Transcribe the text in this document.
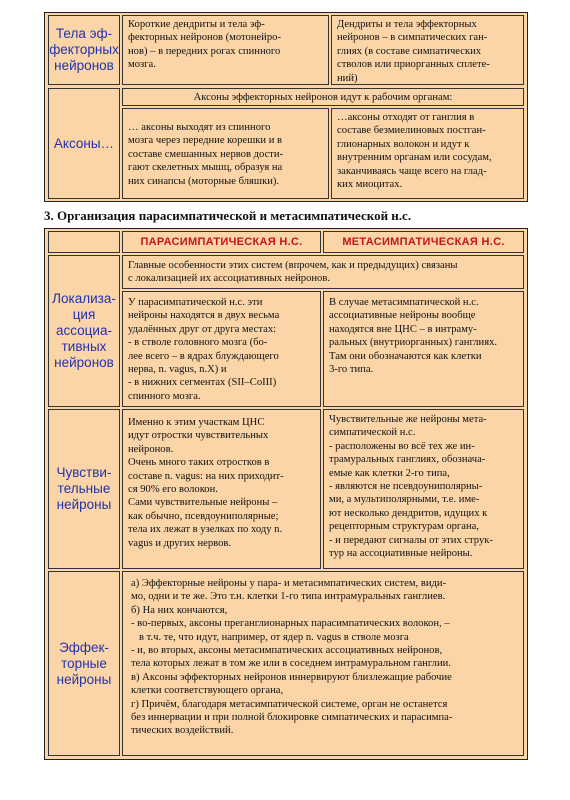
Тела эф-фекторных нейронов
Короткие дендриты и тела эф-
фекторных нейронов (мотонейро-
нов) – в передних рогах спинного
мозга.
Дендриты и тела эффекторных
нейронов – в симпатических ган-
глиях (в составе симпатических
стволов или приорганных сплете-
ний)
Аксоны…
Аксоны эффекторных нейронов идут к рабочим органам:
… аксоны выходят из спинного
мозга через передние корешки и в
составе смешанных нервов дости-
гают скелетных мышц, образуя на
них синапсы (моторные бляшки).
…аксоны отходят от ганглия в
составе безмиелиновых постган-
глионарных волокон и идут к
внутренним органам или сосудам,
заканчиваясь чаще всего на глад-
ких миоцитах.
3. Организация парасимпатической и метасимпатической н.с.
ПАРАСИМПАТИЧЕСКАЯ Н.С.	МЕТАСИМПАТИЧЕСКАЯ Н.С.
Локализа-ция ассоциа-тивных нейронов
Главные особенности этих систем (впрочем, как и предыдущих) связаны
с локализацией их ассоциативных нейронов.
У парасимпатической н.с. эти
нейроны находятся в двух весьма
удалённых друг от друга местах:
- в стволе головного мозга (бо-
лее всего – в ядрах блуждающего
нерва, n. vagus, n.X) и
- в нижних сегментах (SII–CoIII)
спинного мозга.
В случае метасимпатической н.с.
ассоциативные нейроны вообще
находятся вне ЦНС – в интраму-
ральных (внутриорганных) ганглиях.
Там они обозначаются как клетки
3-го типа.
Чувстви-тельные нейроны
Именно к этим участкам ЦНС
идут отростки чувствительных
нейронов.
Очень много таких отростков в
составе n. vagus: на них приходит-
ся 90% его волокон.
Сами чувствительные нейроны –
как обычно, псевдоуниполярные;
тела их лежат в узелках по ходу n.
vagus и других нервов.
Чувствительные же нейроны мета-
симпатической н.с.
- расположены во всё тех же ин-
трамуральных ганглиях, обознача-
емые как клетки 2-го типа,
- являются не псевдоуниполярны-
ми, а мультиполярными, т.е. име-
ют несколько дендритов, идущих к
рецепторным структурам органа,
- и передают сигналы от этих струк-
тур на ассоциативные нейроны.
Эффек-торные нейроны
а) Эффекторные нейроны у пара- и метасимпатических систем, види-
мо, одни и те же. Это т.н. клетки 1-го типа интрамуральных ганглиев.
б) На них кончаются,
- во-первых, аксоны преганглионарных парасимпатических волокон, –
в т.ч. те, что идут, например, от ядер n. vagus в стволе мозга
- и, во вторых, аксоны метасимпатических ассоциативных нейронов,
тела которых лежат в том же или в соседнем интрамуральном ганглии.
в) Аксоны эффекторных нейронов иннервируют близлежащие рабочие
клетки соответствующего органа,
г) Причём, благодаря метасимпатической системе, орган не останется
без иннервации и при полной блокировке симпатических и парасимпа-
тических воздействий.
